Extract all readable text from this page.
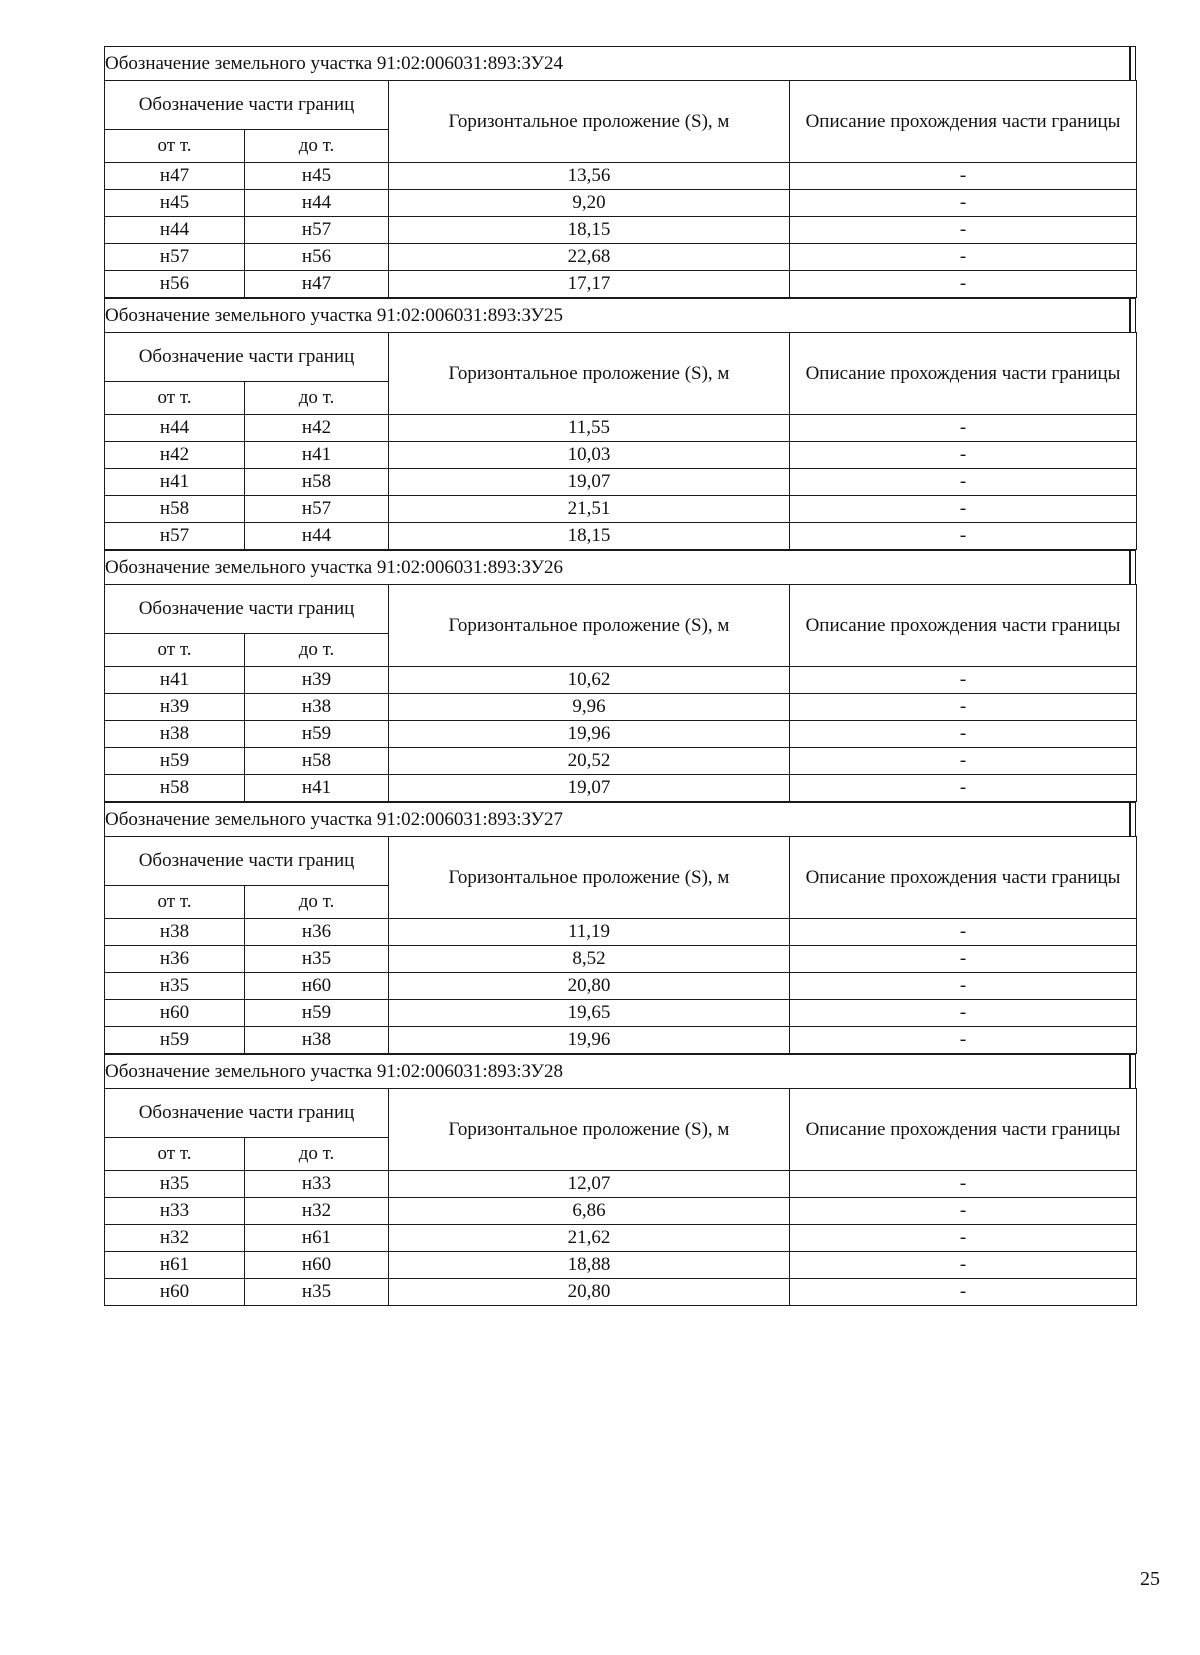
Обозначение земельного участка 91:02:006031:893:ЗУ24
Обозначение части границ		Горизонтальное проложение (S), м	Описание прохождения части границы
от т.	до т.		
н47	н45	13,56	-
н45	н44	9,20	-
н44	н57	18,15	-
н57	н56	22,68	-
н56	н47	17,17	-
Обозначение земельного участка 91:02:006031:893:ЗУ25
Обозначение части границ		Горизонтальное проложение (S), м	Описание прохождения части границы
от т.	до т.		
н44	н42	11,55	-
н42	н41	10,03	-
н41	н58	19,07	-
н58	н57	21,51	-
н57	н44	18,15	-
Обозначение земельного участка 91:02:006031:893:ЗУ26
Обозначение части границ		Горизонтальное проложение (S), м	Описание прохождения части границы
от т.	до т.		
н41	н39	10,62	-
н39	н38	9,96	-
н38	н59	19,96	-
н59	н58	20,52	-
н58	н41	19,07	-
Обозначение земельного участка 91:02:006031:893:ЗУ27
Обозначение части границ		Горизонтальное проложение (S), м	Описание прохождения части границы
от т.	до т.		
н38	н36	11,19	-
н36	н35	8,52	-
н35	н60	20,80	-
н60	н59	19,65	-
н59	н38	19,96	-
Обозначение земельного участка 91:02:006031:893:ЗУ28
Обозначение части границ		Горизонтальное проложение (S), м	Описание прохождения части границы
от т.	до т.		
н35	н33	12,07	-
н33	н32	6,86	-
н32	н61	21,62	-
н61	н60	18,88	-
н60	н35	20,80	-
25
